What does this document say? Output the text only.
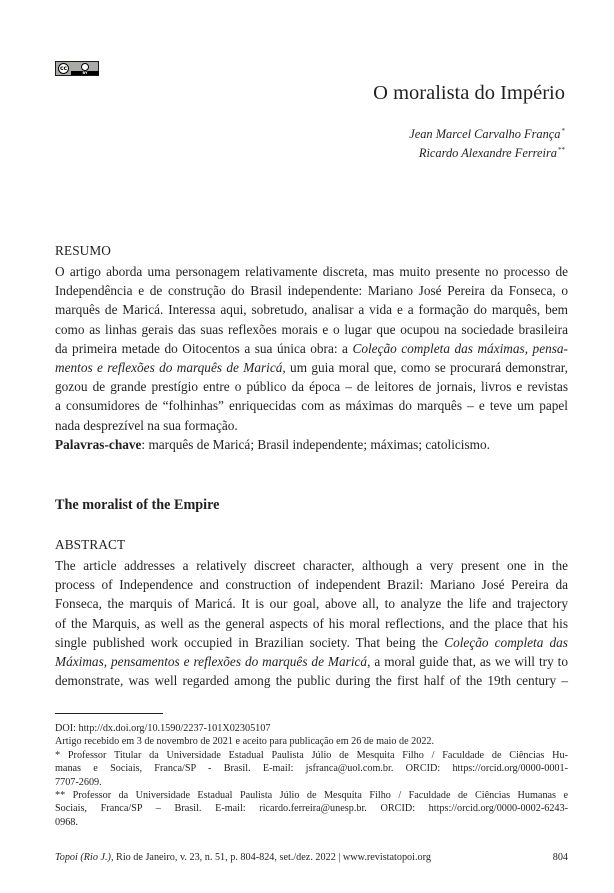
cc
BY
O moralista do Império
Jean Marcel Carvalho França*
Ricardo Alexandre Ferreira**
RESUMO
O artigo aborda uma personagem relativamente discreta, mas muito presente no processo de
Independência e de construção do Brasil independente: Mariano José Pereira da Fonseca, o
marquês de Maricá. Interessa aqui, sobretudo, analisar a vida e a formação do marquês, bem
como as linhas gerais das suas reflexões morais e o lugar que ocupou na sociedade brasileira
da primeira metade do Oitocentos a sua única obra: a Coleção completa das máximas, pensa-
mentos e reflexões do marquês de Maricá, um guia moral que, como se procurará demonstrar,
gozou de grande prestígio entre o público da época – de leitores de jornais, livros e revistas
a consumidores de “folhinhas” enriquecidas com as máximas do marquês – e teve um papel
nada desprezível na sua formação.
Palavras-chave: marquês de Maricá; Brasil independente; máximas; catolicismo.
The moralist of the Empire
ABSTRACT
The article addresses a relatively discreet character, although a very present one in the
process of Independence and construction of independent Brazil: Mariano José Pereira da
Fonseca, the marquis of Maricá. It is our goal, above all, to analyze the life and trajectory
of the Marquis, as well as the general aspects of his moral reflections, and the place that his
single published work occupied in Brazilian society. That being the Coleção completa das
Máximas, pensamentos e reflexões do marquês de Maricá, a moral guide that, as we will try to
demonstrate, was well regarded among the public during the first half of the 19th century –
DOI: http://dx.doi.org/10.1590/2237-101X02305107
Artigo recebido em 3 de novembro de 2021 e aceito para publicação em 26 de maio de 2022.
* Professor Titular da Universidade Estadual Paulista Júlio de Mesquita Filho / Faculdade de Ciências Hu-
manas e Sociais, Franca/SP - Brasil. E-mail: jsfranca@uol.com.br. ORCID: https://orcid.org/0000-0001-
7707-2609.
** Professor da Universidade Estadual Paulista Júlio de Mesquita Filho / Faculdade de Ciências Humanas e
Sociais, Franca/SP – Brasil. E-mail: ricardo.ferreira@unesp.br. ORCID: https://orcid.org/0000-0002-6243-
0968.
Topoi (Rio J.), Rio de Janeiro, v. 23, n. 51, p. 804-824, set./dez. 2022 | www.revistatopoi.org	804
